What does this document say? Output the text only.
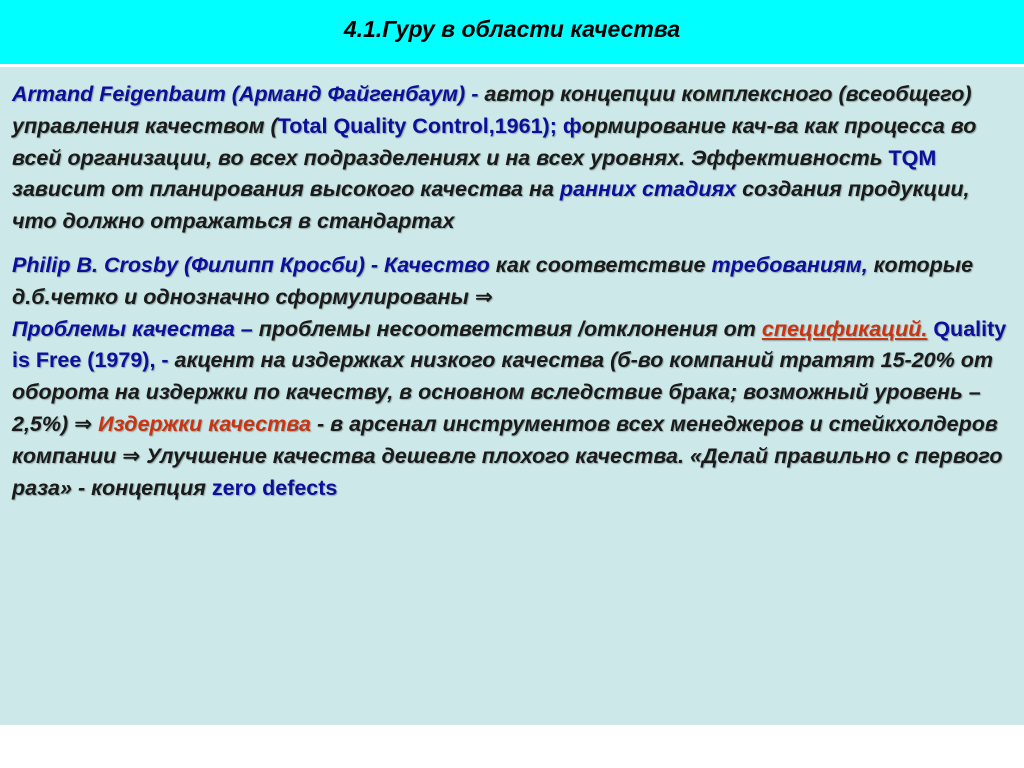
4.1.Гуру в области качества

Armand Feigenbaum (Арманд Файгенбаум) - автор концепции комплексного (всеобщего) управления качеством (Total Quality Control,1961); формирование кач-ва как процесса во всей организации, во всех подразделениях и на всех уровнях. Эффективность TQM зависит от планирования высокого качества на ранних стадиях создания продукции, что должно отражаться в стандартах

Philip B. Crosby (Филипп Кросби) - Качество как соответствие требованиям, которые д.б.четко и однозначно сформулированы ⇒
Проблемы качества – проблемы несоответствия /отклонения от спецификаций. Quality is Free (1979), - акцент на издержках низкого качества (б-во компаний тратят 15-20% от оборота на издержки по качеству, в основном вследствие брака; возможный уровень – 2,5%) ⇒ Издержки качества - в арсенал инструментов всех менеджеров и стейкхолдеров компании ⇒ Улучшение качества дешевле плохого качества. «Делай правильно с первого раза» - концепция zero defects
